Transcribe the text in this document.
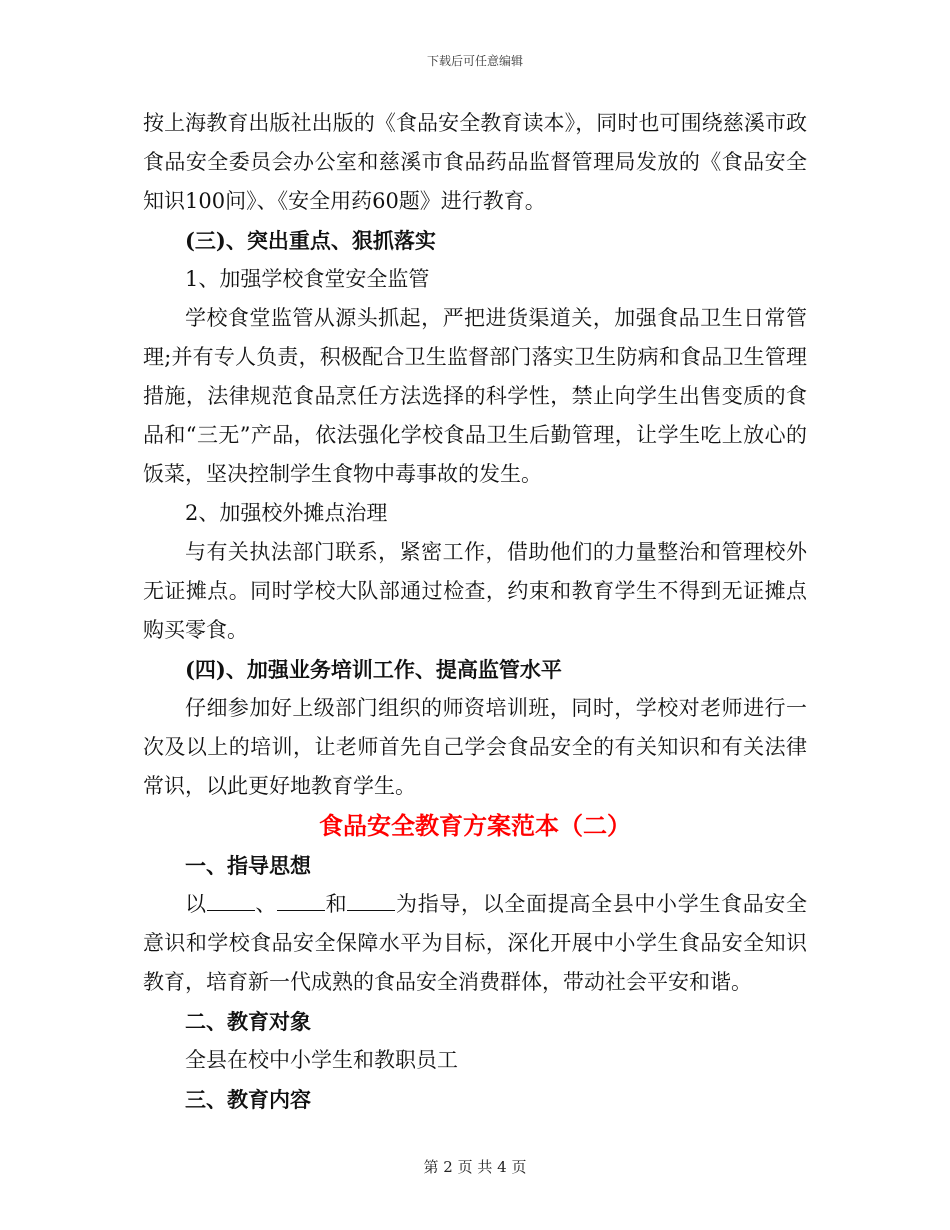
下载后可任意编辑

按上海教育出版社出版的《食品安全教育读本》，同时也可围绕慈溪市政食品安全委员会办公室和慈溪市食品药品监督管理局发放的《食品安全知识100问》、《安全用药60题》进行教育。

(三)、突出重点、狠抓落实

1、加强学校食堂安全监管

学校食堂监管从源头抓起，严把进货渠道关，加强食品卫生日常管理;并有专人负责，积极配合卫生监督部门落实卫生防病和食品卫生管理措施，法律规范食品烹任方法选择的科学性，禁止向学生出售变质的食品和“三无”产品，依法强化学校食品卫生后勤管理，让学生吃上放心的饭菜，坚决控制学生食物中毒事故的发生。

2、加强校外摊点治理

与有关执法部门联系，紧密工作，借助他们的力量整治和管理校外无证摊点。同时学校大队部通过检查，约束和教育学生不得到无证摊点购买零食。

(四)、加强业务培训工作、提高监管水平

仔细参加好上级部门组织的师资培训班，同时，学校对老师进行一次及以上的培训，让老师首先自己学会食品安全的有关知识和有关法律常识，以此更好地教育学生。

食品安全教育方案范本（二）

一、指导思想

以 、 和 为指导，以全面提高全县中小学生食品安全意识和学校食品安全保障水平为目标，深化开展中小学生食品安全知识教育，培育新一代成熟的食品安全消费群体，带动社会平安和谐。

二、教育对象

全县在校中小学生和教职员工

三、教育内容

第 2 页 共 4 页
